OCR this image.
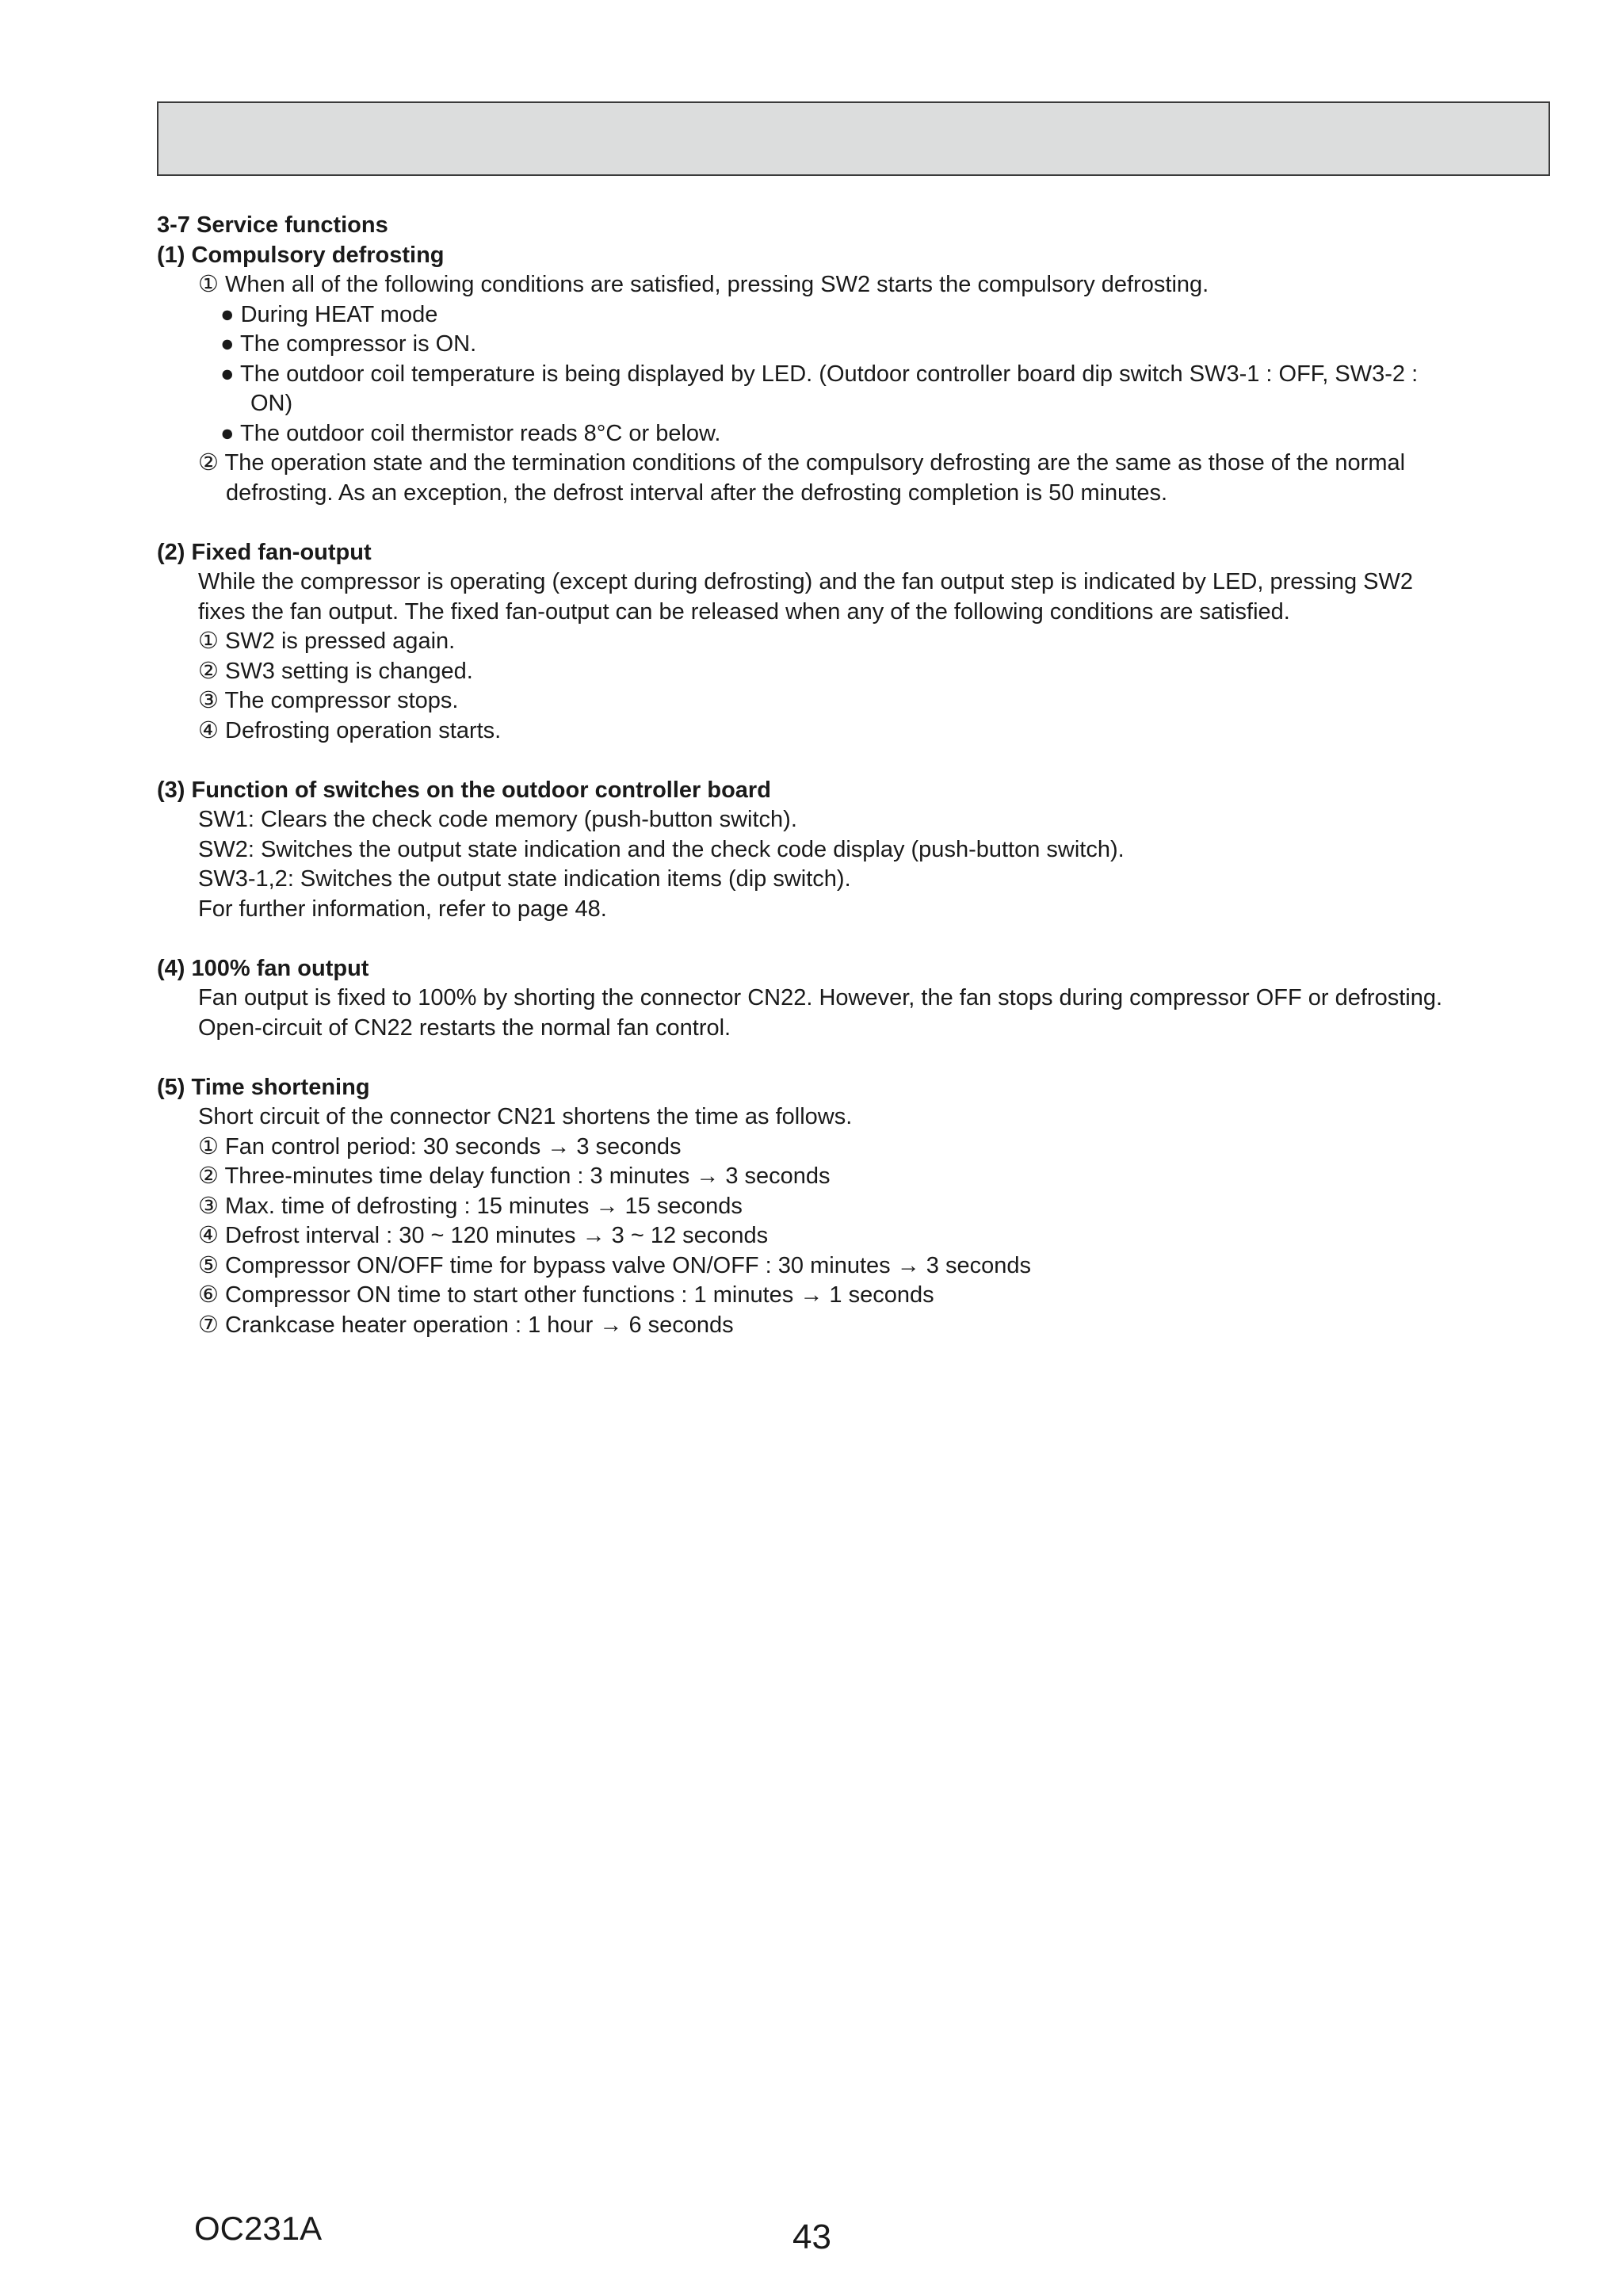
3-7 Service functions
(1) Compulsory defrosting
① When all of the following conditions are satisfied, pressing SW2 starts the compulsory defrosting.
● During HEAT mode
● The compressor is ON.
● The outdoor coil temperature is being displayed by LED. (Outdoor controller board dip switch SW3-1 : OFF, SW3-2 :
ON)
● The outdoor coil thermistor reads 8°C or below.
② The operation state and the termination conditions of the compulsory defrosting are the same as those of the normal
defrosting. As an exception, the defrost interval after the defrosting completion is 50 minutes.
(2) Fixed fan-output
While the compressor is operating (except during defrosting) and the fan output step is indicated by LED, pressing SW2
fixes the fan output. The fixed fan-output can be released when any of the following conditions are satisfied.
① SW2 is pressed again.
② SW3 setting is changed.
③ The compressor stops.
④ Defrosting operation starts.
(3) Function of switches on the outdoor controller board
SW1: Clears the check code memory (push-button switch).
SW2: Switches the output state indication and the check code display (push-button switch).
SW3-1,2: Switches the output state indication items (dip switch).
For further information, refer to page 48.
(4) 100% fan output
Fan output is fixed to 100% by shorting the connector CN22. However, the fan stops during compressor OFF or defrosting.
Open-circuit of CN22 restarts the normal fan control.
(5) Time shortening
Short circuit of the connector CN21 shortens the time as follows.
① Fan control period: 30 seconds → 3 seconds
② Three-minutes time delay function : 3 minutes → 3 seconds
③ Max. time of defrosting : 15 minutes → 15 seconds
④ Defrost interval : 30 ~ 120 minutes → 3 ~ 12 seconds
⑤ Compressor ON/OFF time for bypass valve ON/OFF : 30 minutes → 3 seconds
⑥ Compressor ON time to start other functions : 1 minutes → 1 seconds
⑦ Crankcase heater operation : 1 hour → 6 seconds
OC231A	43
